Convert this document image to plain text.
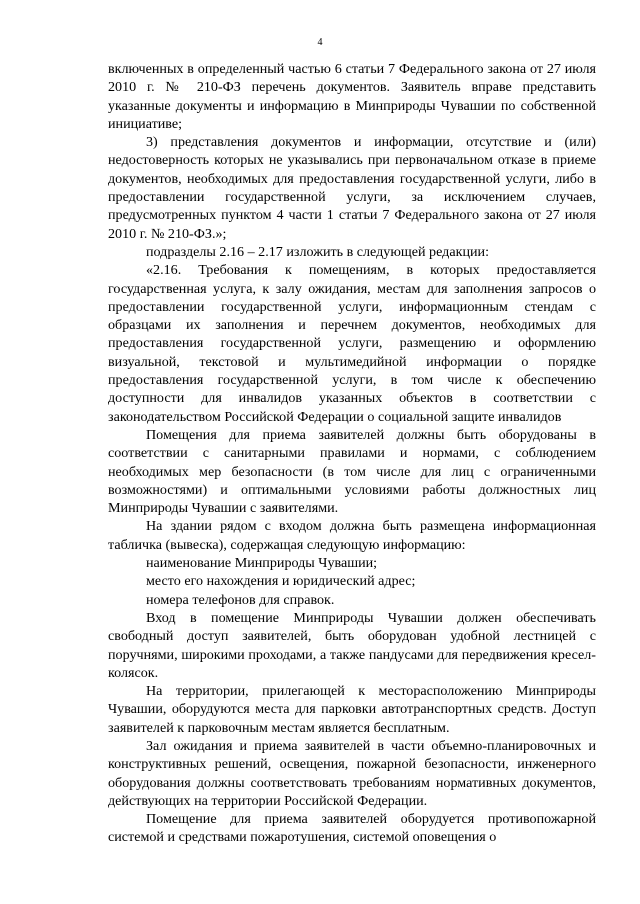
4

включенных в определенный частью 6 статьи 7 Федерального закона от 27 июля 2010 г. № 210-ФЗ перечень документов. Заявитель вправе представить указанные документы и информацию в Минприроды Чувашии по собственной инициативе;

3) представления документов и информации, отсутствие и (или) недостоверность которых не указывались при первоначальном отказе в приеме документов, необходимых для предоставления государственной услуги, либо в предоставлении государственной услуги, за исключением случаев, предусмотренных пунктом 4 части 1 статьи 7 Федерального закона от 27 июля 2010 г. № 210-ФЗ.»;

подразделы 2.16 – 2.17 изложить в следующей редакции:

«2.16. Требования к помещениям, в которых предоставляется государственная услуга, к залу ожидания, местам для заполнения запросов о предоставлении государственной услуги, информационным стендам с образцами их заполнения и перечнем документов, необходимых для предоставления государственной услуги, размещению и оформлению визуальной, текстовой и мультимедийной информации о порядке предоставления государственной услуги, в том числе к обеспечению доступности для инвалидов указанных объектов в соответствии с законодательством Российской Федерации о социальной защите инвалидов

Помещения для приема заявителей должны быть оборудованы в соответствии с санитарными правилами и нормами, с соблюдением необходимых мер безопасности (в том числе для лиц с ограниченными возможностями) и оптимальными условиями работы должностных лиц Минприроды Чувашии с заявителями.

На здании рядом с входом должна быть размещена информационная табличка (вывеска), содержащая следующую информацию:

наименование Минприроды Чувашии;

место его нахождения и юридический адрес;

номера телефонов для справок.

Вход в помещение Минприроды Чувашии должен обеспечивать свободный доступ заявителей, быть оборудован удобной лестницей с поручнями, широкими проходами, а также пандусами для передвижения кресел-колясок.

На территории, прилегающей к месторасположению Минприроды Чувашии, оборудуются места для парковки автотранспортных средств. Доступ заявителей к парковочным местам является бесплатным.

Зал ожидания и приема заявителей в части объемно-планировочных и конструктивных решений, освещения, пожарной безопасности, инженерного оборудования должны соответствовать требованиям нормативных документов, действующих на территории Российской Федерации.

Помещение для приема заявителей оборудуется противопожарной системой и средствами пожаротушения, системой оповещения о
